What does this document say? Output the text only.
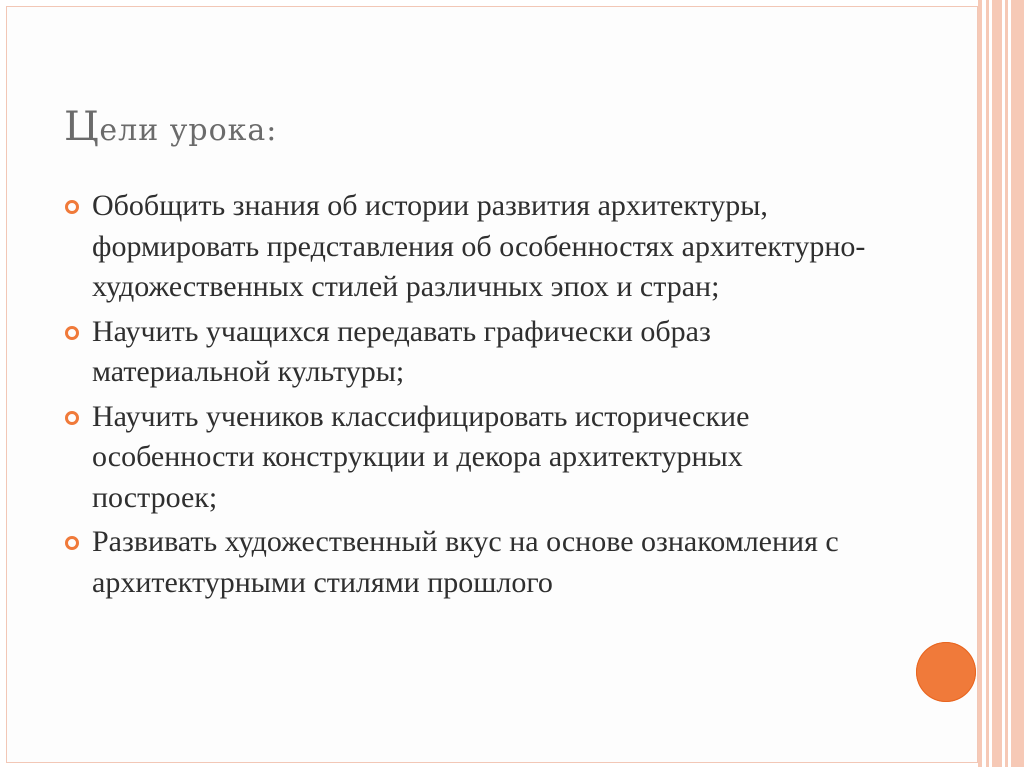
Цели урока:
Обобщить знания об истории развития архитектуры, формировать представления об особенностях архитектурно-художественных стилей различных эпох и стран;
Научить учащихся передавать графически образ материальной культуры;
Научить учеников классифицировать исторические особенности конструкции и декора архитектурных построек;
Развивать художественный вкус на основе ознакомления с архитектурными стилями прошлого
